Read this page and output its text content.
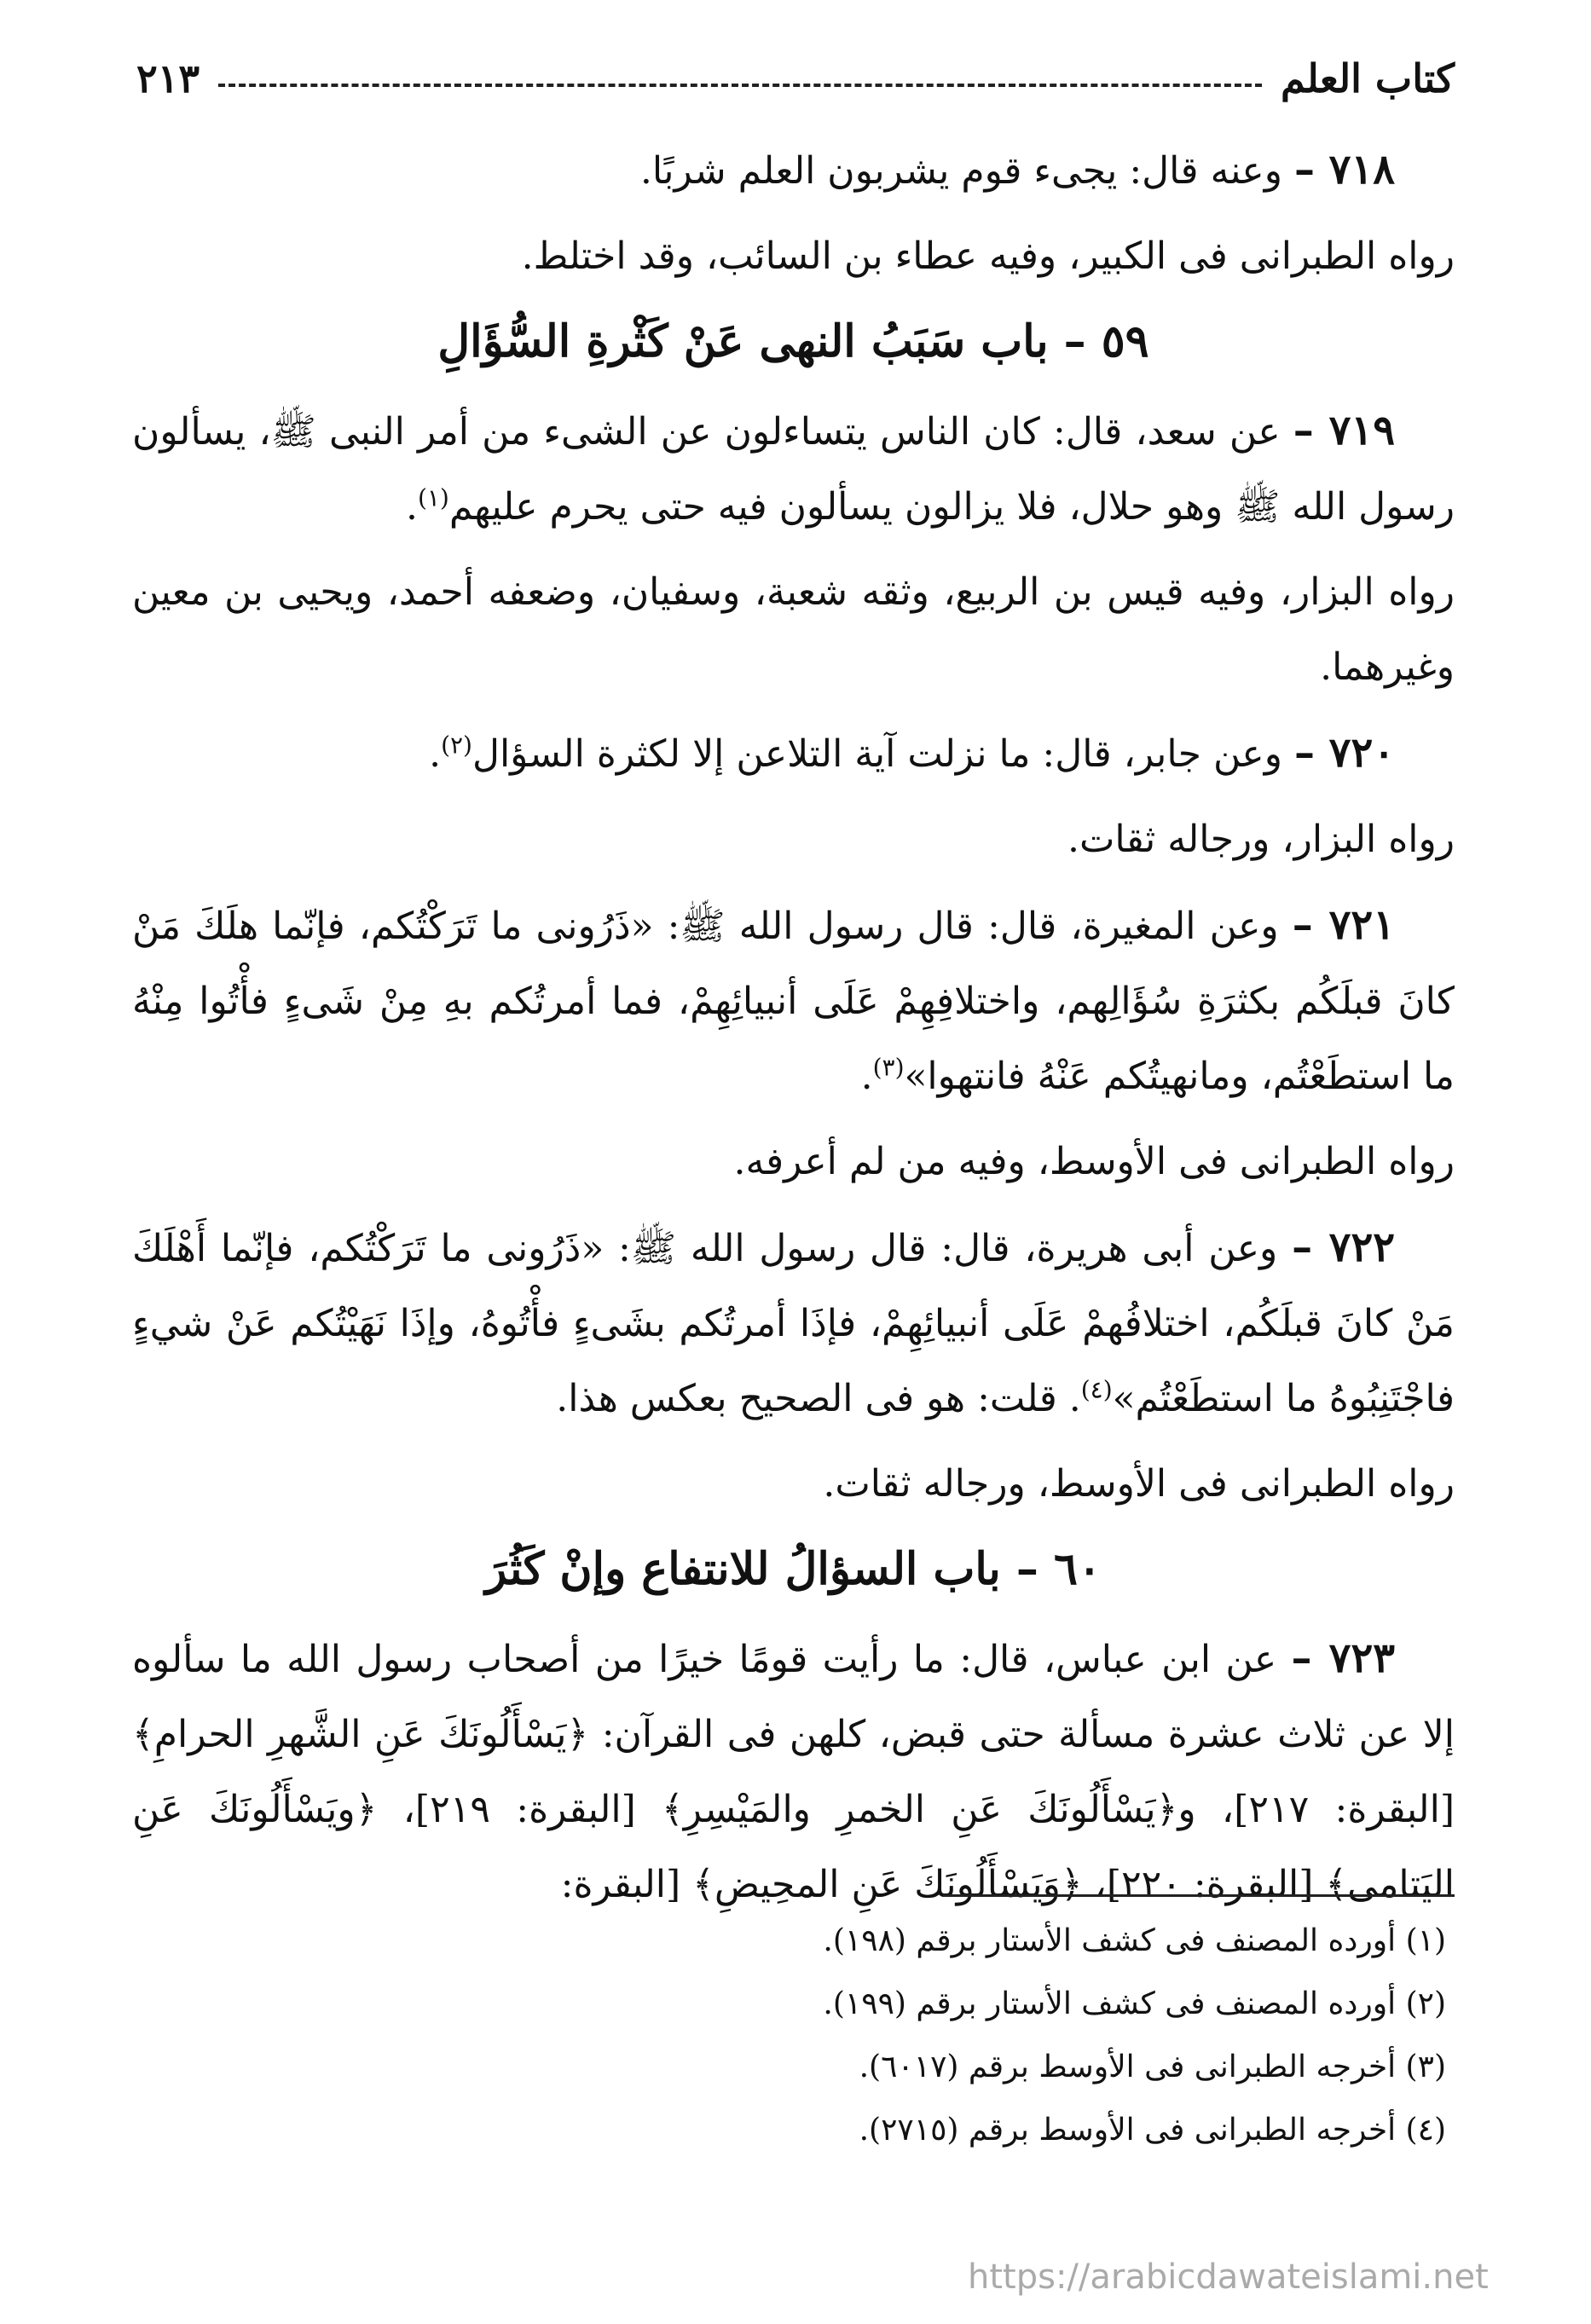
كتاب العلم
٢١٣

٧١٨ – وعنه قال: يجىء قوم يشربون العلم شربًا.

رواه الطبرانى فى الكبير، وفيه عطاء بن السائب، وقد اختلط.

٥٩ – باب سَبَبُ النهى عَنْ كَثْرةِ السُّؤَالِ

٧١٩ – عن سعد، قال: كان الناس يتساءلون عن الشىء من أمر النبى ﷺ، يسألون رسول الله ﷺ وهو حلال، فلا يزالون يسألون فيه حتى يحرم عليهم$^{(١)}$.

رواه البزار، وفيه قيس بن الربيع، وثقه شعبة، وسفيان، وضعفه أحمد، ويحيى بن معين وغيرهما.

٧٢٠ – وعن جابر، قال: ما نزلت آية التلاعن إلا لكثرة السؤال$^{(٢)}$.

رواه البزار، ورجاله ثقات.

٧٢١ – وعن المغيرة، قال: قال رسول الله ﷺ: «ذَرُونى ما تَرَكْتُكم، فإنّما هلَكَ مَنْ كانَ قبلَكُم بكثرَةِ سُؤَالِهم، واختلافِهِمْ عَلَى أنبيائِهِمْ، فما أمرتُكم بهِ مِنْ شَىءٍ فأْتُوا مِنْهُ ما استطَعْتُم، ومانهيتُكم عَنْهُ فانتهوا»$^{(٣)}$.

رواه الطبرانى فى الأوسط، وفيه من لم أعرفه.

٧٢٢ – وعن أبى هريرة، قال: قال رسول الله ﷺ: «ذَرُونى ما تَرَكْتُكم، فإنّما أَهْلَكَ مَنْ كانَ قبلَكُم، اختلافُهمْ عَلَى أنبيائِهِمْ، فإذَا أمرتُكم بشَىءٍ فأْتُوهُ، وإذَا نَهَيْتُكم عَنْ شيءٍ فاجْتَنِبُوهُ ما استطَعْتُم»$^{(٤)}$. قلت: هو فى الصحيح بعكس هذا.

رواه الطبرانى فى الأوسط، ورجاله ثقات.

٦٠ – باب السؤالُ للانتفاع وإنْ كَثُرَ

٧٢٣ – عن ابن عباس، قال: ما رأيت قومًا خيرًا من أصحاب رسول الله ما سألوه إلا عن ثلاث عشرة مسألة حتى قبض، كلهن فى القرآن: ﴿يَسْأَلُونَكَ عَنِ الشَّهرِ الحرامِ﴾ [البقرة: ٢١٧]، و﴿يَسْأَلُونَكَ عَنِ الخمرِ والمَيْسِرِ﴾ [البقرة: ٢١٩]، ﴿ويَسْأَلُونَكَ عَنِ اليَتامى﴾ [البقرة: ٢٢٠]، ﴿وَيَسْأَلُونَكَ عَنِ المحِيضِ﴾ [البقرة:

(١) أورده المصنف فى كشف الأستار برقم (١٩٨).

(٢) أورده المصنف فى كشف الأستار برقم (١٩٩).

(٣) أخرجه الطبرانى فى الأوسط برقم (٦٠١٧).

(٤) أخرجه الطبرانى فى الأوسط برقم (٢٧١٥).

https://arabicdawateislami.net
